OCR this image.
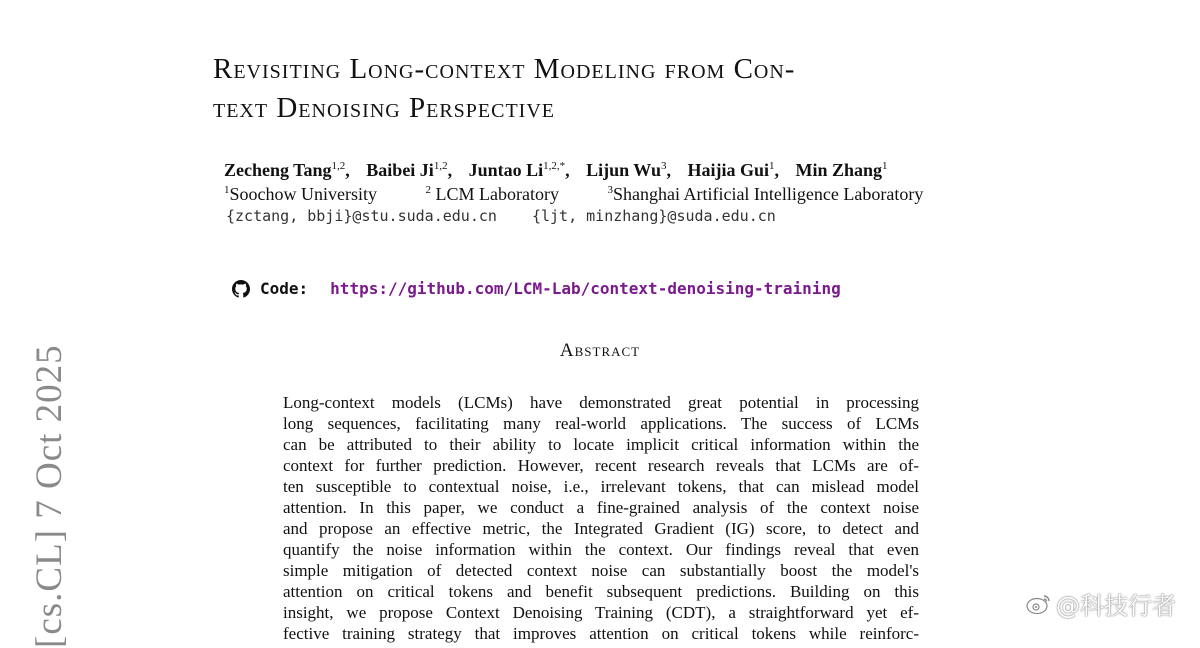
Revisiting Long-context Modeling from Con-
text Denoising Perspective
Zecheng Tang$^{1,2}$, Baibei Ji$^{1,2}$, Juntao $Li^{1,2,*}$, Lijun Wu$^3$, Haijia Gui$^1$, Min Zhang$^1$
$^1$Soochow University	$^2$ LCM Laboratory	$^3$Shanghai Artificial Intelligence Laboratory
{zctang, bbji}@stu.suda.edu.cn {ljt, minzhang}@suda.edu.cn
Code: https://github.com/LCM-Lab/context-denoising-training
Abstract
Long-context models (LCMs) have demonstrated great potential in processing
long sequences, facilitating many real-world applications. The success of LCMs
can be attributed to their ability to locate implicit critical information within the
context for further prediction. However, recent research reveals that LCMs are of-
ten susceptible to contextual noise, i.e., irrelevant tokens, that can mislead model
attention. In this paper, we conduct a fine-grained analysis of the context noise
and propose an effective metric, the Integrated Gradient (IG) score, to detect and
quantify the noise information within the context. Our findings reveal that even
simple mitigation of detected context noise can substantially boost the model's
attention on critical tokens and benefit subsequent predictions. Building on this
insight, we propose Context Denoising Training (CDT), a straightforward yet ef-
fective training strategy that improves attention on critical tokens while reinforc-
[cs.CL] 7 Oct 2025	@科技行者
